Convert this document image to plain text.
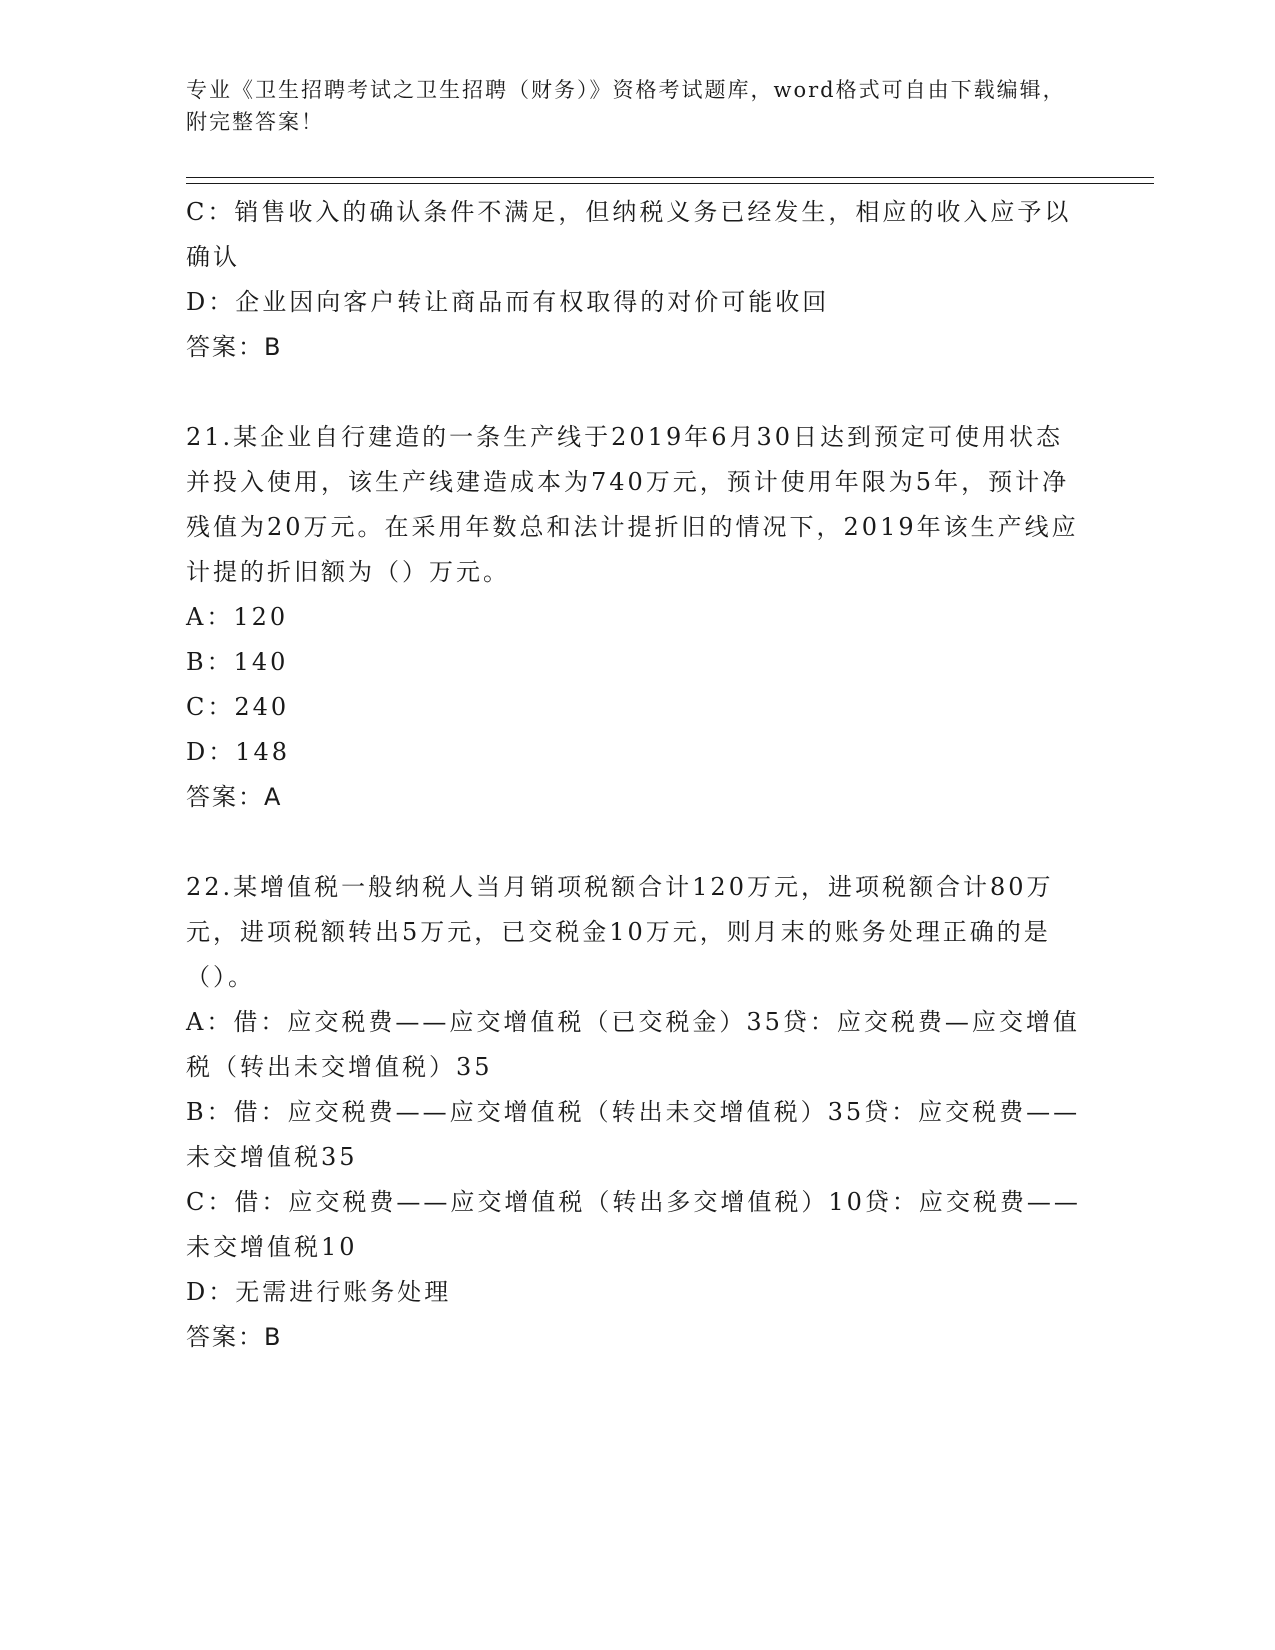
专业《卫生招聘考试之卫生招聘（财务）》资格考试题库，word格式可自由下载编辑，附完整答案！

C：销售收入的确认条件不满足，但纳税义务已经发生，相应的收入应予以确认

D：企业因向客户转让商品而有权取得的对价可能收回

答案：B

21.某企业自行建造的一条生产线于2019年6月30日达到预定可使用状态并投入使用，该生产线建造成本为740万元，预计使用年限为5年，预计净残值为20万元。在采用年数总和法计提折旧的情况下，2019年该生产线应计提的折旧额为（）万元。

A：120

B：140

C：240

D：148

答案：A

22.某增值税一般纳税人当月销项税额合计120万元，进项税额合计80万元，进项税额转出5万元，已交税金10万元，则月末的账务处理正确的是（）。

A：借：应交税费——应交增值税（已交税金）35贷：应交税费—应交增值税（转出未交增值税）35

B：借：应交税费——应交增值税（转出未交增值税）35贷：应交税费——未交增值税35

C：借：应交税费——应交增值税（转出多交增值税）10贷：应交税费——未交增值税10

D：无需进行账务处理

答案：B
